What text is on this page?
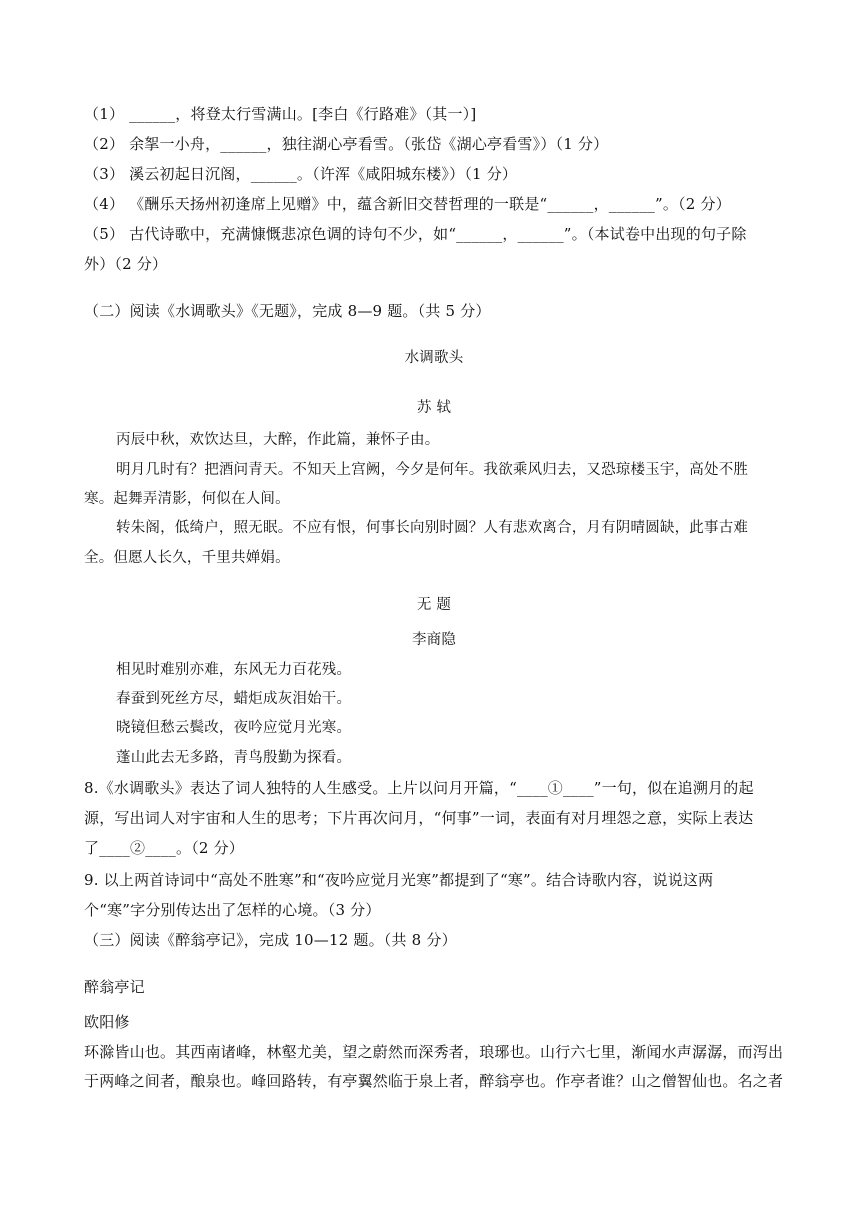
（1） ______，将登太行雪满山。[李白《行路难》（其一）]
（2） 余挐一小舟，______，独往湖心亭看雪。（张岱《湖心亭看雪》）（1 分）
（3） 溪云初起日沉阁，______。（许浑《咸阳城东楼》）（1 分）
（4） 《酬乐天扬州初逢席上见赠》中，蕴含新旧交替哲理的一联是“______，______”。（2 分）
（5） 古代诗歌中，充满慷慨悲凉色调的诗句不少，如“______，______”。（本试卷中出现的句子除
外）（2 分）
（二）阅读《水调歌头》《无题》，完成 8—9 题。（共 5 分）
水调歌头
苏 轼
丙辰中秋，欢饮达旦，大醉，作此篇，兼怀子由。
明月几时有？把酒问青天。不知天上宫阙，今夕是何年。我欲乘风归去，又恐琼楼玉宇，高处不胜
寒。起舞弄清影，何似在人间。
转朱阁，低绮户，照无眠。不应有恨，何事长向别时圆？人有悲欢离合，月有阴晴圆缺，此事古难
全。但愿人长久，千里共婵娟。
无 题
李商隐
相见时难别亦难，东风无力百花残。
春蚕到死丝方尽，蜡炬成灰泪始干。
晓镜但愁云鬓改，夜吟应觉月光寒。
蓬山此去无多路，青鸟殷勤为探看。
8.《水调歌头》表达了词人独特的人生感受。上片以问月开篇，“____①____”一句，似在追溯月的起
源，写出词人对宇宙和人生的思考；下片再次问月，“何事”一词，表面有对月埋怨之意，实际上表达
了____②____。（2 分）
9. 以上两首诗词中“高处不胜寒”和“夜吟应觉月光寒”都提到了“寒”。结合诗歌内容，说说这两
个“寒”字分别传达出了怎样的心境。（3 分）
（三）阅读《醉翁亭记》，完成 10—12 题。（共 8 分）
醉翁亭记
欧阳修
环滁皆山也。其西南诸峰，林壑尤美，望之蔚然而深秀者，琅琊也。山行六七里，渐闻水声潺潺，而泻出
于两峰之间者，酿泉也。峰回路转，有亭翼然临于泉上者，醉翁亭也。作亭者谁？山之僧智仙也。名之者
